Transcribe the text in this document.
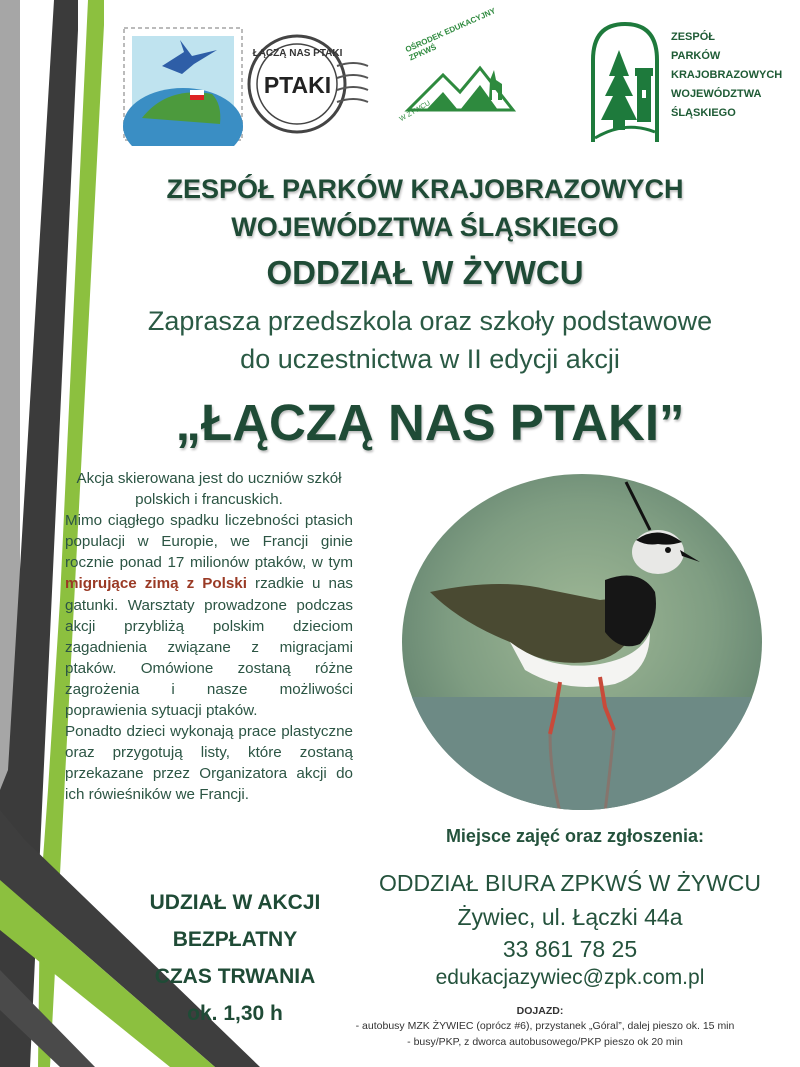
ŁĄCZĄ NAS PTAKI
PTAKI
OŚRODEK EDUKACYJNY ZPKWŚ
W ŻYWCU
ZESPÓŁ
PARKÓW
KRAJOBRAZOWYCH
WOJEWÓDZTWA
ŚLĄSKIEGO
ZESPÓŁ PARKÓW KRAJOBRAZOWYCH
WOJEWÓDZTWA ŚLĄSKIEGO
ODDZIAŁ W ŻYWCU
Zaprasza przedszkola oraz szkoły podstawowe
do uczestnictwa w II edycji akcji
„ŁĄCZĄ NAS PTAKI”

Akcja skierowana jest do uczniów szkół polskich i francuskich.

Mimo ciągłego spadku liczebności ptasich populacji w Europie, we Francji ginie rocznie ponad 17 milionów ptaków, w tym migrujące zimą z Polski rzadkie u nas gatunki. Warsztaty prowadzone podczas akcji przybliżą polskim dzieciom zagadnienia związane z migracjami ptaków. Omówione zostaną różne zagrożenia i nasze możliwości poprawienia sytuacji ptaków.

Ponadto dzieci wykonają prace plastyczne oraz przygotują listy, które zostaną przekazane przez Organizatora akcji do ich rówieśników we Francji.

UDZIAŁ W AKCJI
BEZPŁATNY
CZAS TRWANIA
ok. 1,30 h
Miejsce zajęć oraz zgłoszenia:
ODDZIAŁ BIURA ZPKWŚ W ŻYWCU
Żywiec, ul. Łączki 44a
33 861 78 25
edukacjazywiec@zpk.com.pl
DOJAZD:
- autobusy MZK ŻYWIEC (oprócz #6), przystanek „Góral”, dalej pieszo ok. 15 min
- busy/PKP, z dworca autobusowego/PKP pieszo ok 20 min
